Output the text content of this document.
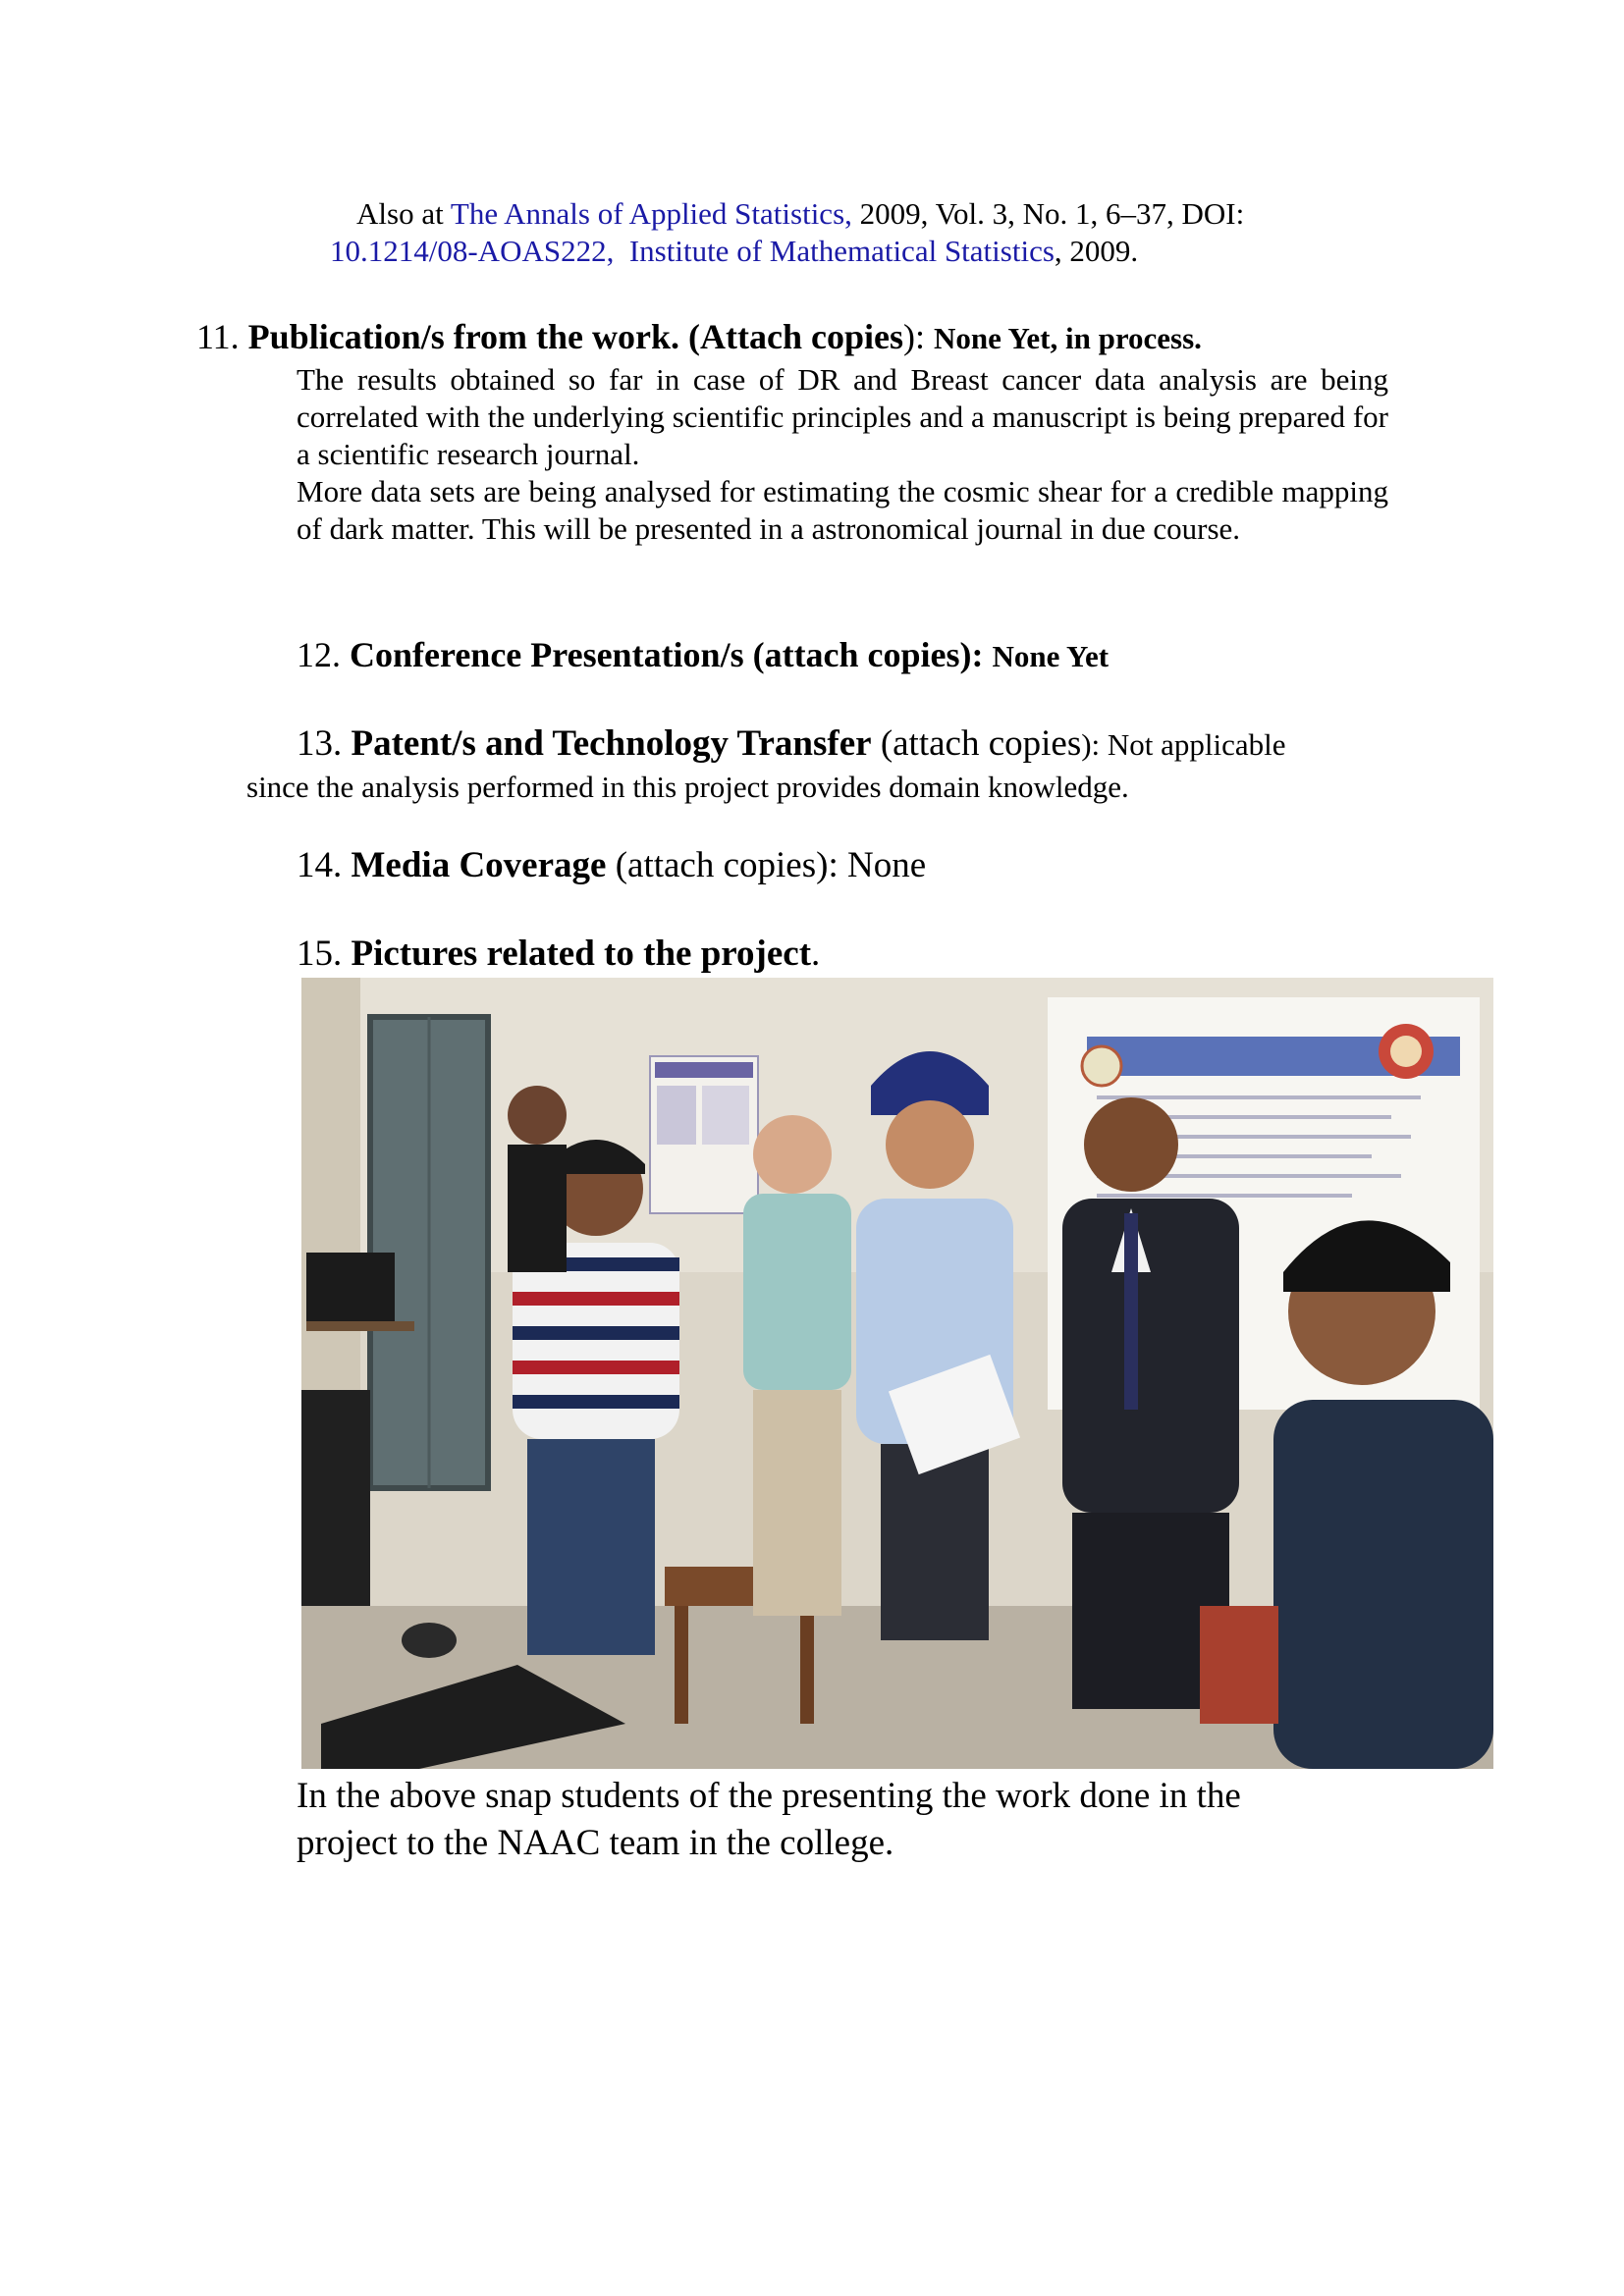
Also at The Annals of Applied Statistics, 2009, Vol. 3, No. 1, 6–37, DOI:
10.1214/08-AOAS222, Institute of Mathematical Statistics, 2009.
11. Publication/s from the work. (Attach copies): None Yet, in process.

The results obtained so far in case of DR and Breast cancer data analysis are being correlated with the underlying scientific principles and a manuscript is being prepared for a scientific research journal.

More data sets are being analysed for estimating the cosmic shear for a credible mapping of dark matter. This will be presented in a astronomical journal in due course.

12. Conference Presentation/s (attach copies): None Yet
13. Patent/s and Technology Transfer (attach copies): Not applicable
since the analysis performed in this project provides domain knowledge.
14. Media Coverage (attach copies): None
15. Pictures related to the project.
In the above snap students of the presenting the work done in the project to the NAAC team in the college.
